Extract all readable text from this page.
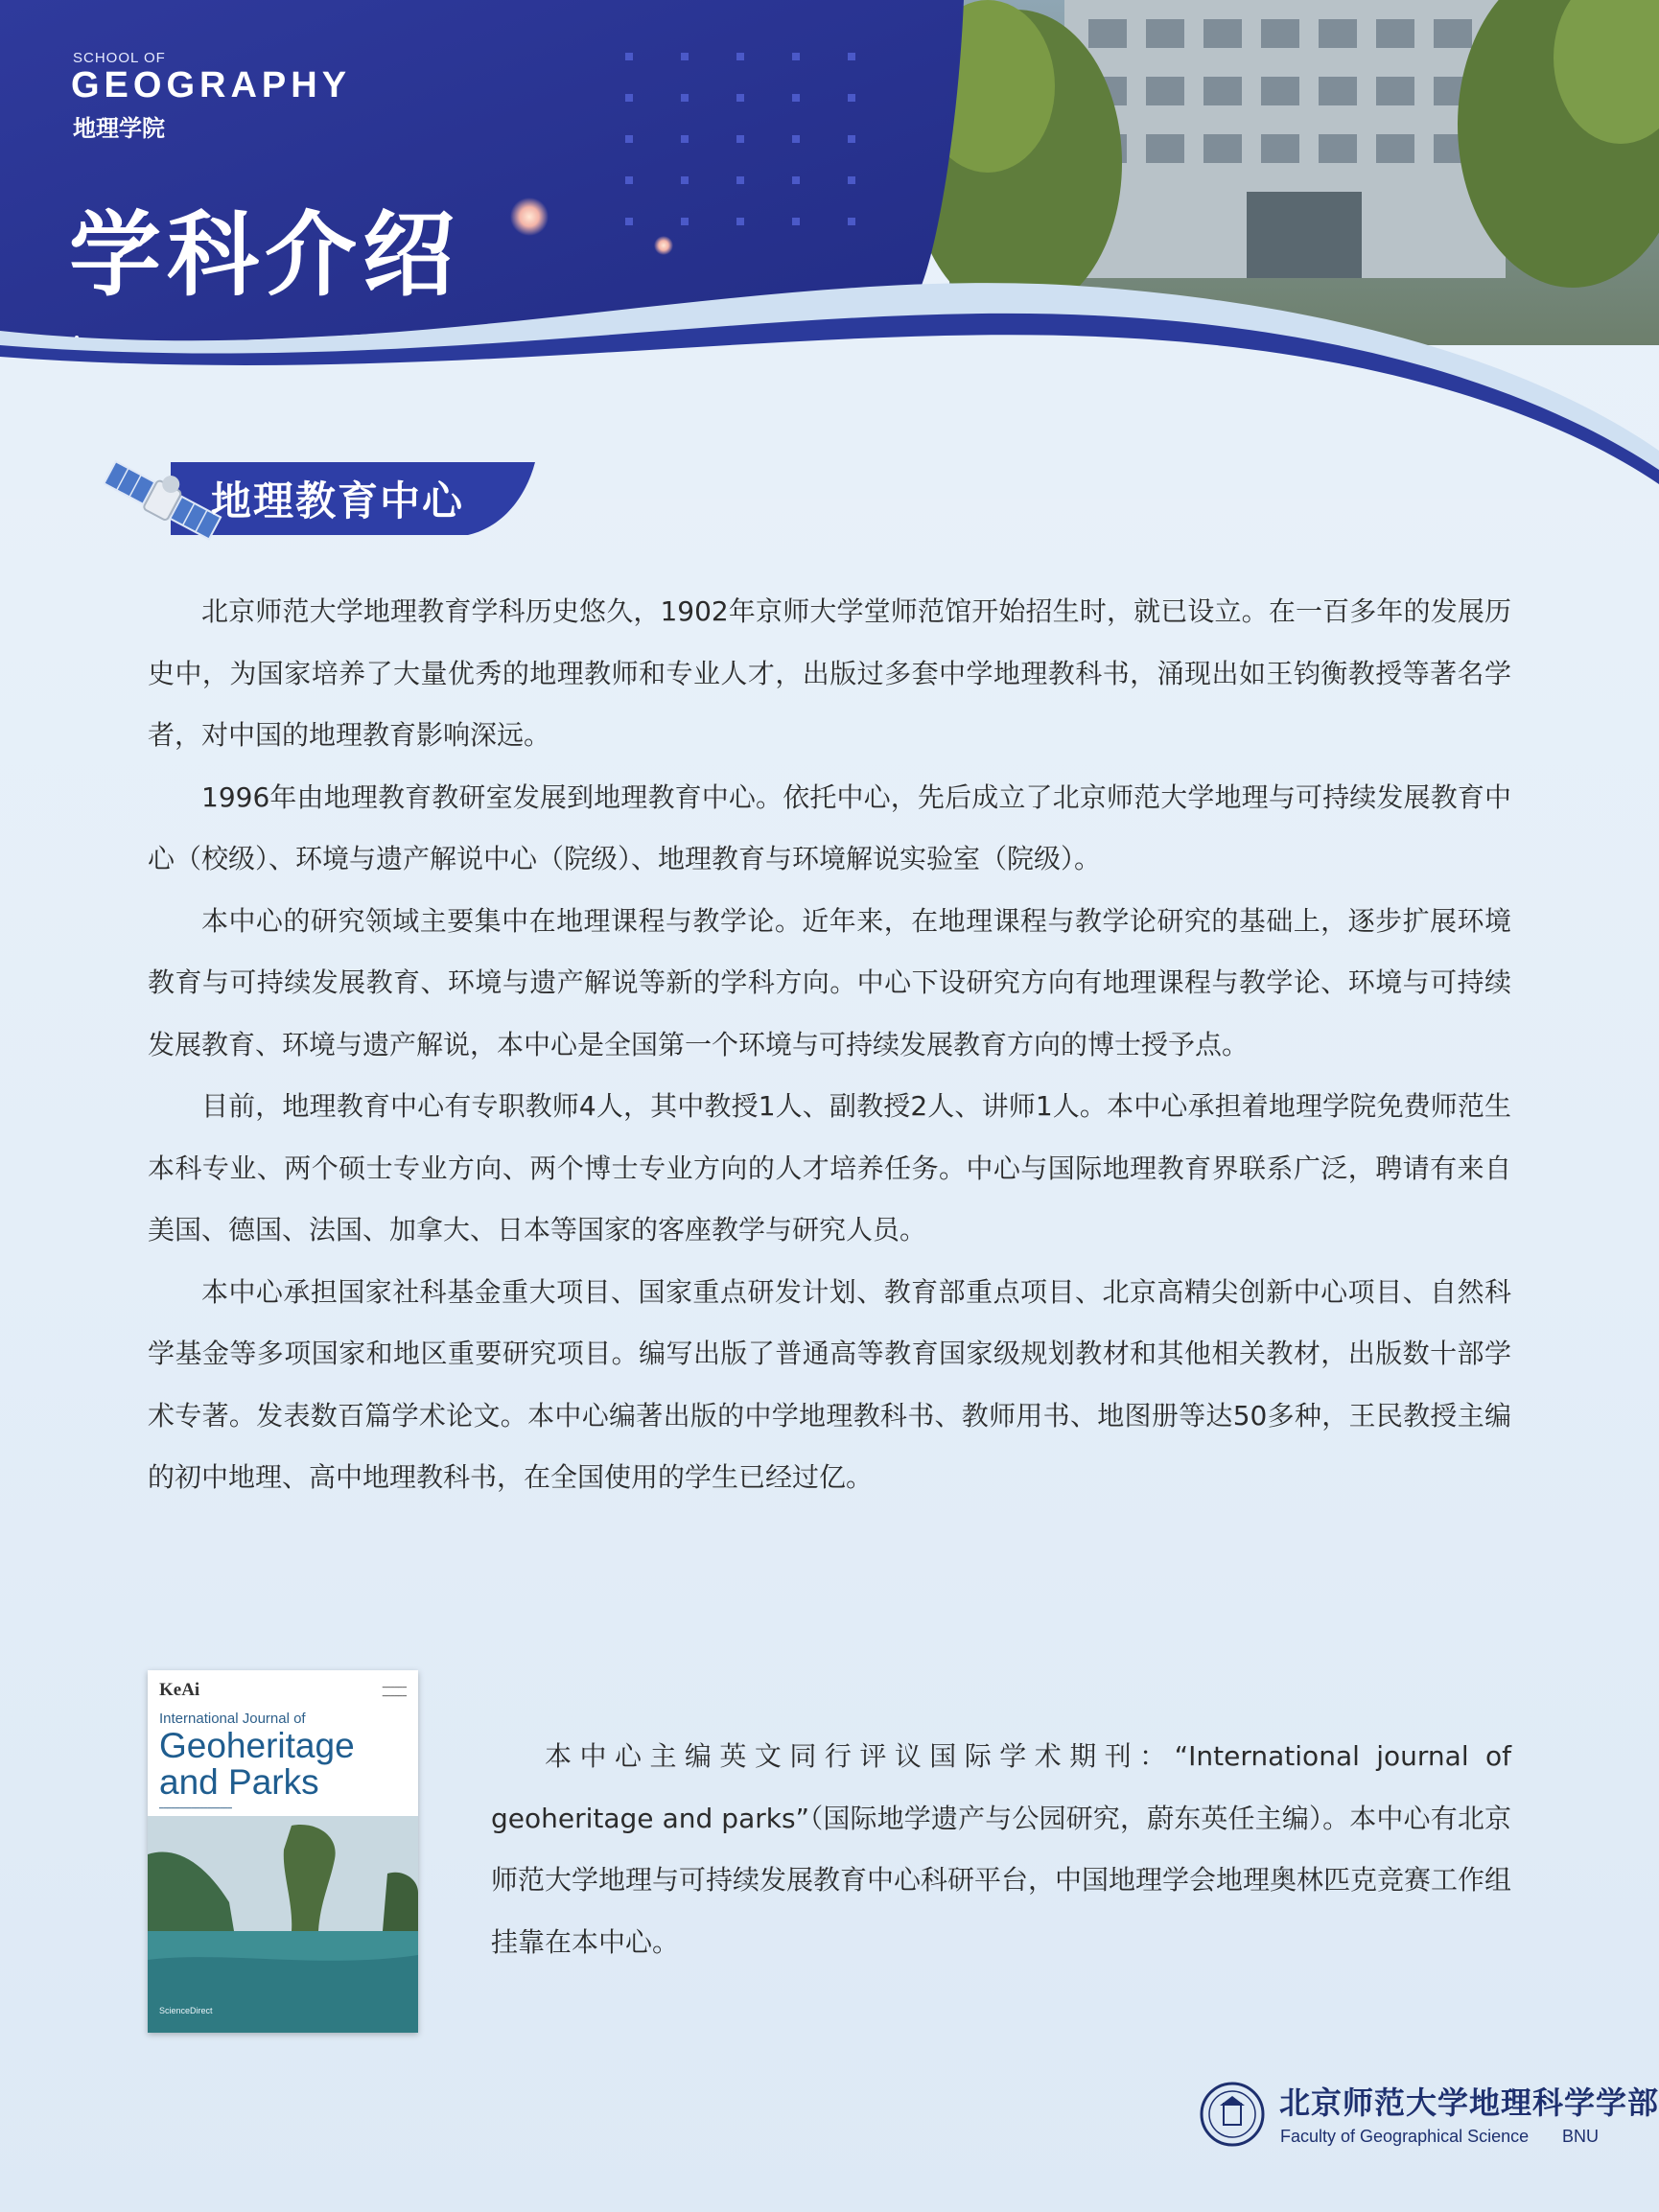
SCHOOL OF
GEOGRAPHY
地理学院
学科介绍
地理教育中心

北京师范大学地理教育学科历史悠久，1902年京师大学堂师范馆开始招生时，就已设立。在一百多年的发展历史中，为国家培养了大量优秀的地理教师和专业人才，出版过多套中学地理教科书，涌现出如王钧衡教授等著名学者，对中国的地理教育影响深远。

1996年由地理教育教研室发展到地理教育中心。依托中心，先后成立了北京师范大学地理与可持续发展教育中心（校级）、环境与遗产解说中心（院级）、地理教育与环境解说实验室（院级）。

本中心的研究领域主要集中在地理课程与教学论。近年来，在地理课程与教学论研究的基础上，逐步扩展环境教育与可持续发展教育、环境与遗产解说等新的学科方向。中心下设研究方向有地理课程与教学论、环境与可持续发展教育、环境与遗产解说，本中心是全国第一个环境与可持续发展教育方向的博士授予点。

目前，地理教育中心有专职教师4人，其中教授1人、副教授2人、讲师1人。本中心承担着地理学院免费师范生本科专业、两个硕士专业方向、两个博士专业方向的人才培养任务。中心与国际地理教育界联系广泛，聘请有来自美国、德国、法国、加拿大、日本等国家的客座教学与研究人员。

本中心承担国家社科基金重大项目、国家重点研发计划、教育部重点项目、北京高精尖创新中心项目、自然科学基金等多项国家和地区重要研究项目。编写出版了普通高等教育国家级规划教材和其他相关教材，出版数十部学术专著。发表数百篇学术论文。本中心编著出版的中学地理教科书、教师用书、地图册等达50多种，王民教授主编的初中地理、高中地理教科书，在全国使用的学生已经过亿。

KeAi	━━━━━━
━━━━━━
International Journal of
Geoheritage
and Parks
━━━━━━━━━━━━━━━━━━
ScienceDirect

本中心主编英文同行评议国际学术期刊：“International journal of geoheritage and parks”（国际地学遗产与公园研究，蔚东英任主编）。本中心有北京师范大学地理与可持续发展教育中心科研平台，中国地理学会地理奥林匹克竞赛工作组挂靠在本中心。

北京师范大学地理科学学部
Faculty of Geographical Science BNU
